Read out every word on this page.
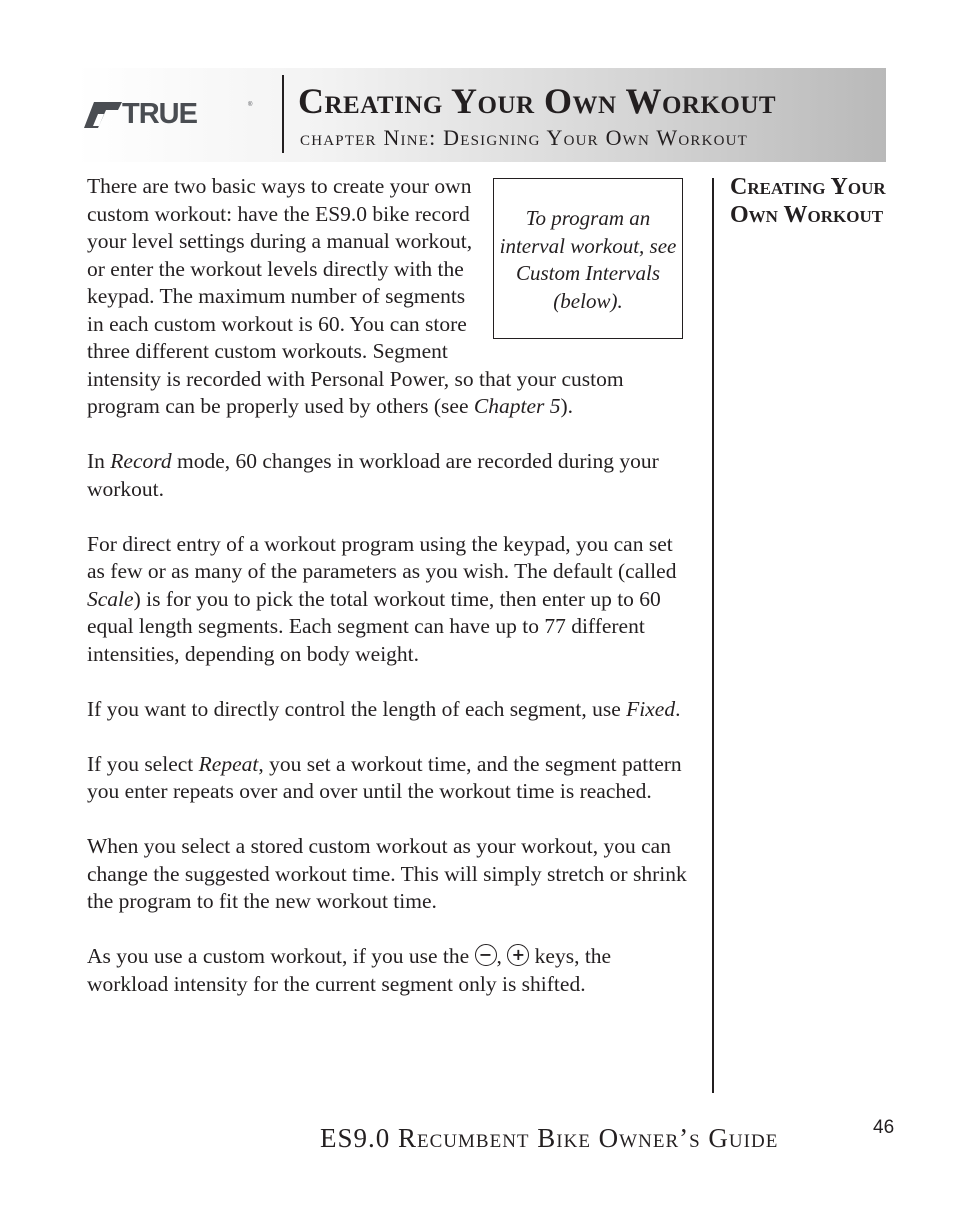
TRUE	® Creating Your Own Workout
chapter Nine: Designing Your Own Workout

There are two basic ways to create your own custom workout: have the ES9.0 bike record your level settings during a manual workout, or enter the workout levels directly with the keypad. The maximum number of segments in each custom workout is 60. You can store three different custom workouts. Segment intensity is recorded with Personal Power, so that your custom program can be properly used by others (see Chapter 5).

In Record mode, 60 changes in workload are recorded during your workout.

For direct entry of a workout program using the keypad, you can set as few or as many of the parameters as you wish. The default (called Scale) is for you to pick the total workout time, then enter up to 60 equal length segments. Each segment can have up to 77 different intensities, depending on body weight.

If you want to directly control the length of each segment, use Fixed.

If you select Repeat, you set a workout time, and the segment pattern you enter repeats over and over until the workout time is reached.

When you select a stored custom workout as your workout, you can change the suggested workout time. This will simply stretch or shrink the program to fit the new workout time.

As you use a custom workout, if you use the − , + keys, the workload intensity for the current segment only is shifted.

To program an interval workout, see Custom Intervals (below).
Creating Your Own Workout
ES9.0 Recumbent Bike Owner’s Guide	46
